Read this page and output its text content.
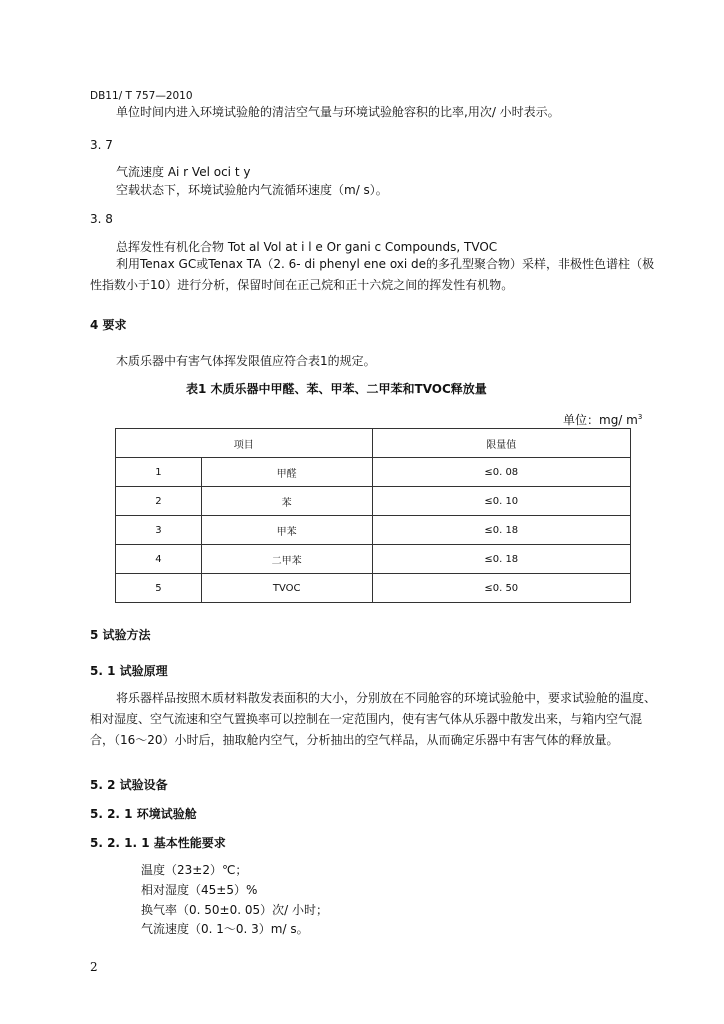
DB11/ T 757—2010
单位时间内进入环境试验舱的清洁空气量与环境试验舱容积的比率,用次/ 小时表示。
3. 7
气流速度 Ai r Vel oci t y
空载状态下，环境试验舱内气流循环速度（m/ s）。
3. 8
总挥发性有机化合物 Tot al Vol at i l e Or gani c Compounds, TVOC
利用Tenax GC或Tenax TA（2. 6- di phenyl ene oxi de的多孔型聚合物）采样，非极性色谱柱（极性指数小于10）进行分析，保留时间在正己烷和正十六烷之间的挥发性有机物。
4 要求
木质乐器中有害气体挥发限值应符合表1的规定。
表1 木质乐器中甲醛、苯、甲苯、二甲苯和TVOC释放量
单位：mg/ $m^3$
项目		限量值
1	甲醛	≤0. 08
2	苯	≤0. 10
3	甲苯	≤0. 18
4	二甲苯	≤0. 18
5	TVOC	≤0. 50
5 试验方法
5. 1 试验原理
将乐器样品按照木质材料散发表面积的大小，分别放在不同舱容的环境试验舱中，要求试验舱的温度、相对湿度、空气流速和空气置换率可以控制在一定范围内，使有害气体从乐器中散发出来，与箱内空气混合，（16～20）小时后，抽取舱内空气，分析抽出的空气样品，从而确定乐器中有害气体的释放量。
5. 2 试验设备
5. 2. 1 环境试验舱
5. 2. 1. 1 基本性能要求
温度（23±2）℃；
相对湿度（45±5）%
换气率（0. 50±0. 05）次/ 小时；
气流速度（0. 1～0. 3）m/ s。
2
